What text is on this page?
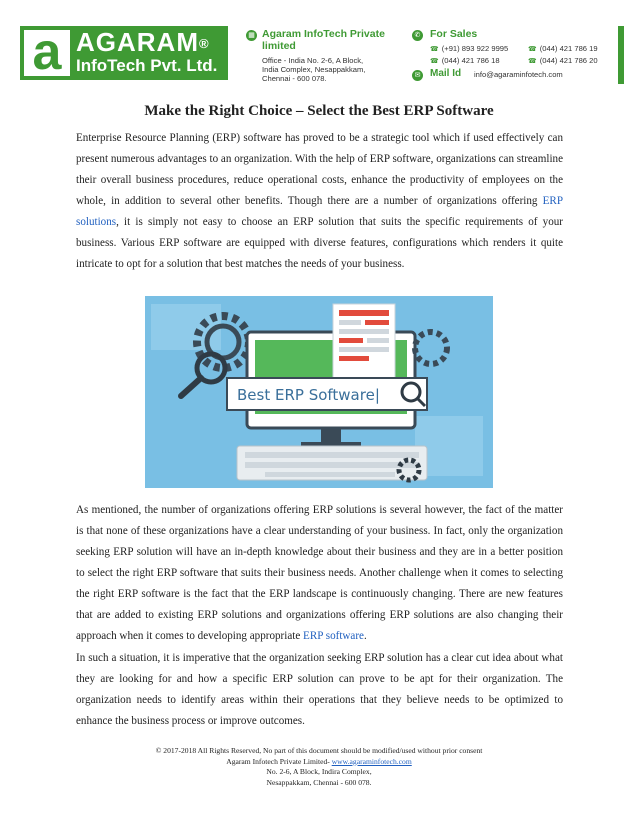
a AGARAM®
InfoTech Pvt. Ltd.
▦ Agaram InfoTech Private limited
Office - India No. 2-6, A Block,
India Complex, Nesappakkam,
Chennai - 600 078.
✆ For Sales
☎ (+91) 893 922 9995	☎ (044) 421 786 19
☎ (044) 421 786 18	☎ (044) 421 786 20
✉ Mail Id info@agaraminfotech.com
Make the Right Choice – Select the Best ERP Software

Enterprise Resource Planning (ERP) software has proved to be a strategic tool which if used effectively can present numerous advantages to an organization. With the help of ERP software, organizations can streamline their overall business procedures, reduce operational costs, enhance the productivity of employees on the whole, in addition to several other benefits. Though there are a number of organizations offering ERP solutions, it is simply not easy to choose an ERP solution that suits the specific requirements of your business. Various ERP software are equipped with diverse features, configurations which renders it quite intricate to opt for a solution that best matches the needs of your business.

Best ERP Software|

As mentioned, the number of organizations offering ERP solutions is several however, the fact of the matter is that none of these organizations have a clear understanding of your business. In fact, only the organization seeking ERP solution will have an in-depth knowledge about their business and they are in a better position to select the right ERP software that suits their business needs. Another challenge when it comes to selecting the right ERP software is the fact that the ERP landscape is continuously changing. There are new features that are added to existing ERP solutions and organizations offering ERP solutions are also changing their approach when it comes to developing appropriate ERP software.

In such a situation, it is imperative that the organization seeking ERP solution has a clear cut idea about what they are looking for and how a specific ERP solution can prove to be apt for their organization. The organization needs to identify areas within their operations that they believe needs to be optimized to enhance the business process or improve outcomes.

© 2017-2018 All Rights Reserved, No part of this document should be modified/used without prior consent
Agaram Infotech Private Limited- www.agaraminfotech.com
No. 2-6, A Block, Indira Complex,
Nesappakkam, Chennai - 600 078.
